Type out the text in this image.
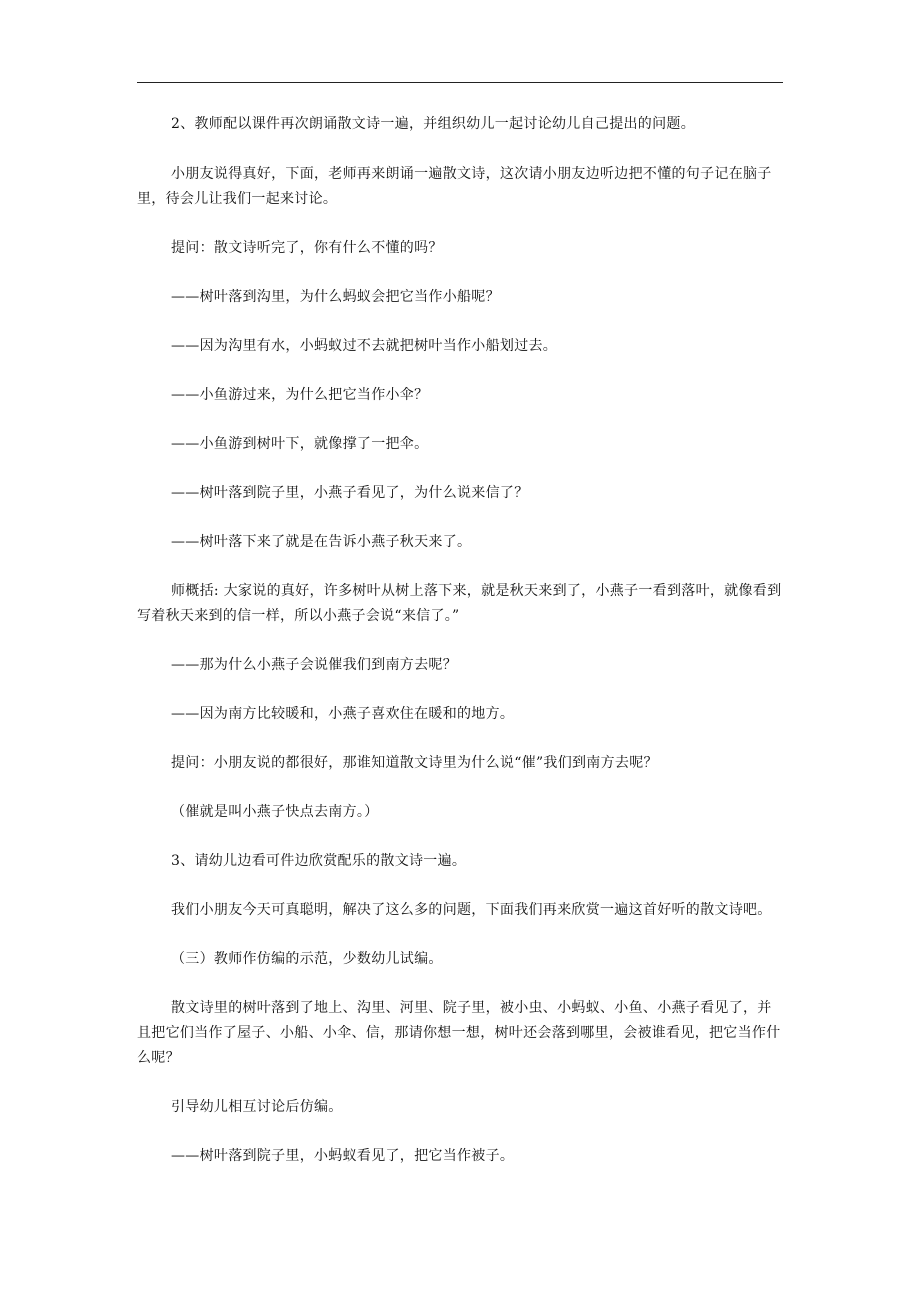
2、教师配以课件再次朗诵散文诗一遍，并组织幼儿一起讨论幼儿自己提出的问题。

小朋友说得真好，下面，老师再来朗诵一遍散文诗，这次请小朋友边听边把不懂的句子记在脑子里，待会儿让我们一起来讨论。

提问：散文诗听完了，你有什么不懂的吗？

——树叶落到沟里，为什么蚂蚁会把它当作小船呢？

——因为沟里有水，小蚂蚁过不去就把树叶当作小船划过去。

——小鱼游过来，为什么把它当作小伞？

——小鱼游到树叶下，就像撑了一把伞。

——树叶落到院子里，小燕子看见了，为什么说来信了？

——树叶落下来了就是在告诉小燕子秋天来了。

师概括: 大家说的真好，许多树叶从树上落下来，就是秋天来到了，小燕子一看到落叶，就像看到写着秋天来到的信一样，所以小燕子会说“来信了。”

——那为什么小燕子会说催我们到南方去呢？

——因为南方比较暖和，小燕子喜欢住在暖和的地方。

提问：小朋友说的都很好，那谁知道散文诗里为什么说“催”我们到南方去呢？

（催就是叫小燕子快点去南方。）

3、请幼儿边看可件边欣赏配乐的散文诗一遍。

我们小朋友今天可真聪明，解决了这么多的问题，下面我们再来欣赏一遍这首好听的散文诗吧。

（三）教师作仿编的示范，少数幼儿试编。

散文诗里的树叶落到了地上、沟里、河里、院子里，被小虫、小蚂蚁、小鱼、小燕子看见了，并且把它们当作了屋子、小船、小伞、信，那请你想一想，树叶还会落到哪里，会被谁看见，把它当作什么呢？

引导幼儿相互讨论后仿编。

——树叶落到院子里，小蚂蚁看见了，把它当作被子。
